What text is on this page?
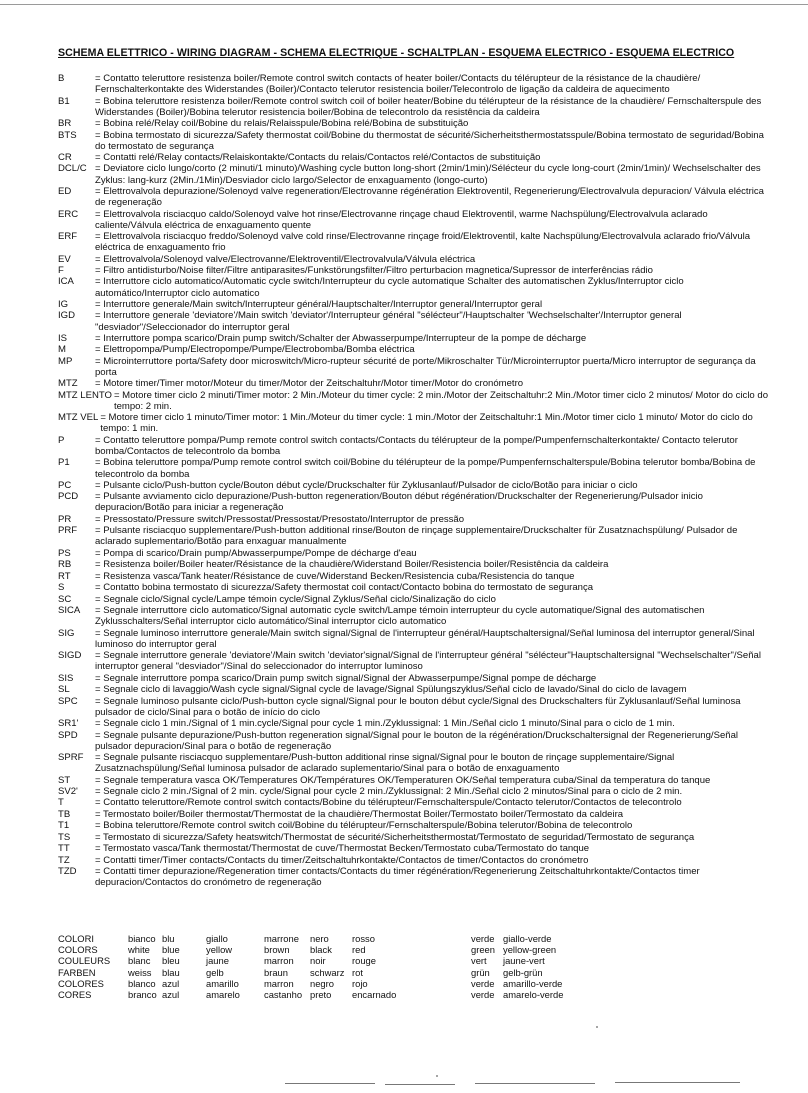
SCHEMA ELETTRICO - WIRING DIAGRAM - SCHEMA ELECTRIQUE - SCHALTPLAN - ESQUEMA ELECTRICO - ESQUEMA ELECTRICO
B	= Contatto teleruttore resistenza boiler/Remote control switch contacts of heater boiler/Contacts du télérupteur de la résistance de la chaudière/ Fernschalterkontakte des Widerstandes (Boiler)/Contacto telerutor resistencia boiler/Telecontrolo de ligação da caldeira de aquecimento
B1	= Bobina teleruttore resistenza boiler/Remote control switch coil of boiler heater/Bobine du télérupteur de la résistance de la chaudière/ Fernschalterspule des Widerstandes (Boiler)/Bobina telerutor resistencia boiler/Bobina de telecontrolo da resistência da caldeira
BR	= Bobina relé/Relay coil/Bobine du relais/Relaisspule/Bobina relé/Bobina de substituição
BTS	= Bobina termostato di sicurezza/Safety thermostat coil/Bobine du thermostat de sécurité/Sicherheitsthermostatsspule/Bobina termostato de seguridad/Bobina do termostato de segurança
CR	= Contatti relé/Relay contacts/Relaiskontakte/Contacts du relais/Contactos relé/Contactos de substituição
DCL/C = Deviatore ciclo lungo/corto (2 minuti/1 minuto)/Washing cycle button long-short (2min/1min)/Sélécteur du cycle long-court (2min/1min)/ Wechselschalter des Zyklus: lang-kurz (2Min./1Min)/Desviador ciclo largo/Selector de enxaguamento (longo-curto)
ED	= Elettrovalvola depurazione/Solenoyd valve regeneration/Electrovanne régénération Elektroventil, Regenerierung/Electrovalvula depuracion/ Válvula eléctrica de regeneração
ERC	= Elettrovalvola risciacquo caldo/Solenoyd valve hot rinse/Electrovanne rinçage chaud Elektroventil, warme Nachspülung/Electrovalvula aclarado caliente/Válvula eléctrica de enxaguamento quente
ERF	= Elettrovalvola risciacquo freddo/Solenoyd valve cold rinse/Electrovanne rinçage froid/Elektroventil, kalte Nachspülung/Electrovalvula aclarado frio/Válvula eléctrica de enxaguamento frio
EV	= Elettrovalvola/Solenoyd valve/Electrovanne/Elektroventil/Electrovalvula/Válvula eléctrica
F	= Filtro antidisturbo/Noise filter/Filtre antiparasites/Funkstörungsfilter/Filtro perturbacion magnetica/Supressor de interferências rádio
ICA	= Interruttore ciclo automatico/Automatic cycle switch/Interrupteur du cycle automatique Schalter des automatischen Zyklus/Interruptor ciclo automático/Interruptor ciclo automatico
IG	= Interruttore generale/Main switch/Interrupteur général/Hauptschalter/Interruptor general/Interruptor geral
IGD	= Interruttore generale 'deviatore'/Main switch 'deviator'/Interrupteur général "sélécteur"/Hauptschalter 'Wechselschalter'/Interruptor general "desviador"/Seleccionador do interruptor geral
IS	= Interruttore pompa scarico/Drain pump switch/Schalter der Abwasserpumpe/Interrupteur de la pompe de décharge
M	= Elettropompa/Pump/Electropompe/Pumpe/Electrobomba/Bomba eléctrica
MP	= Microinterruttore porta/Safety door microswitch/Micro-rupteur sécurité de porte/Mikroschalter Tür/Microinterruptor puerta/Micro interruptor de segurança da porta
MTZ	= Motore timer/Timer motor/Moteur du timer/Motor der Zeitschaltuhr/Motor timer/Motor do cronómetro
MTZ LENTO = Motore timer ciclo 2 minuti/Timer motor: 2 Min./Moteur du timer cycle: 2 min./Motor der Zeitschaltuhr:2 Min./Motor timer ciclo 2 minutos/ Motor do ciclo do tempo: 2 min.
MTZ VEL = Motore timer ciclo 1 minuto/Timer motor: 1 Min./Moteur du timer cycle: 1 min./Motor der Zeitschaltuhr:1 Min./Motor timer ciclo 1 minuto/ Motor do ciclo do tempo: 1 min.
P	= Contatto teleruttore pompa/Pump remote control switch contacts/Contacts du télérupteur de la pompe/Pumpenfernschalterkontakte/ Contacto telerutor bomba/Contactos de telecontrolo da bomba
P1	= Bobina teleruttore pompa/Pump remote control switch coil/Bobine du télérupteur de la pompe/Pumpenfernschalterspule/Bobina telerutor bomba/Bobina de telecontrolo da bomba
PC	= Pulsante ciclo/Push-button cycle/Bouton début cycle/Druckschalter für Zyklusanlauf/Pulsador de ciclo/Botão para iniciar o ciclo
PCD	= Pulsante avviamento ciclo depurazione/Push-button regeneration/Bouton début régénération/Druckschalter der Regenerierung/Pulsador inicio depuracion/Botão para iniciar a regeneração
PR	= Pressostato/Pressure switch/Pressostat/Pressostat/Presostato/Interruptor de pressão
PRF	= Pulsante risciacquo supplementare/Push-button additional rinse/Bouton de rinçage supplementaire/Druckschalter für Zusatznachspülung/ Pulsador de aclarado suplementario/Botão para enxaguar manualmente
PS	= Pompa di scarico/Drain pump/Abwasserpumpe/Pompe de décharge d'eau
RB	= Resistenza boiler/Boiler heater/Résistance de la chaudière/Widerstand Boiler/Resistencia boiler/Resistência da caldeira
RT	= Resistenza vasca/Tank heater/Résistance de cuve/Widerstand Becken/Resistencia cuba/Resistencia do tanque
S	= Contatto bobina termostato di sicurezza/Safety thermostat coil contact/Contacto bobina do termostato de segurança
SC	= Segnale ciclo/Signal cycle/Lampe témoin cycle/Signal Zyklus/Señal ciclo/Sinalização do ciclo
SICA	= Segnale interruttore ciclo automatico/Signal automatic cycle switch/Lampe témoin interrupteur du cycle automatique/Signal des automatischen Zyklusschalters/Señal interruptor ciclo automático/Sinal interruptor ciclo automatico
SIG	= Segnale luminoso interruttore generale/Main switch signal/Signal de l'interrupteur général/Hauptschaltersignal/Señal luminosa del interruptor general/Sinal luminoso do interruptor geral
SIGD	= Segnale interruttore generale 'deviatore'/Main switch 'deviator'signal/Signal de l'interrupteur général "sélécteur"Hauptschaltersignal "Wechselschalter"/Señal interruptor general "desviador"/Sinal do seleccionador do interruptor luminoso
SIS	= Segnale interruttore pompa scarico/Drain pump switch signal/Signal der Abwasserpumpe/Signal pompe de décharge
SL	= Segnale ciclo di lavaggio/Wash cycle signal/Signal cycle de lavage/Signal Spülungszyklus/Señal ciclo de lavado/Sinal do ciclo de lavagem
SPC	= Segnale luminoso pulsante ciclo/Push-button cycle signal/Signal pour le bouton début cycle/Signal des Druckschalters für Zyklusanlauf/Señal luminosa pulsador de ciclo/Sinal para o botão de início do ciclo
SR1'	= Segnale ciclo 1 min./Signal of 1 min.cycle/Signal pour cycle 1 min./Zyklussignal: 1 Min./Señal ciclo 1 minuto/Sinal para o ciclo de 1 min.
SPD	= Segnale pulsante depurazione/Push-button regeneration signal/Signal pour le bouton de la régénération/Druckschaltersignal der Regenerierung/Señal pulsador depuracion/Sinal para o botão de regeneração
SPRF	= Segnale pulsante risciacquo supplementare/Push-button additional rinse signal/Signal pour le bouton de rinçage supplementaire/Signal Zusatznachspülung/Señal luminosa pulsador de aclarado suplementario/Sinal para o botão de enxaguamento
ST	= Segnale temperatura vasca OK/Temperatures OK/Températures OK/Temperaturen OK/Señal temperatura cuba/Sinal da temperatura do tanque
SV2'	= Segnale ciclo 2 min./Signal of 2 min. cycle/Signal pour cycle 2 min./Zyklussignal: 2 Min./Señal ciclo 2 minutos/Sinal para o ciclo de 2 min.
T	= Contatto teleruttore/Remote control switch contacts/Bobine du télérupteur/Fernschalterspule/Contacto telerutor/Contactos de telecontrolo
TB	= Termostato boiler/Boiler thermostat/Thermostat de la chaudière/Thermostat Boiler/Termostato boiler/Termostato da caldeira
T1	= Bobina teleruttore/Remote control switch coil/Bobine du télérupteur/Fernschalterspule/Bobina telerutor/Bobina de telecontrolo
TS	= Termostato di sicurezza/Safety heatswitch/Thermostat de sécurité/Sicherheitsthermostat/Termostato de seguridad/Termostato de segurança
TT	= Termostato vasca/Tank thermostat/Thermostat de cuve/Thermostat Becken/Termostato cuba/Termostato do tanque
TZ	= Contatti timer/Timer contacts/Contacts du timer/Zeitschaltuhrkontakte/Contactos de timer/Contactos do cronómetro
TZD	= Contatti timer depurazione/Regeneration timer contacts/Contacts du timer régénération/Regenerierung Zeitschaltuhrkontakte/Contactos timer depuracion/Contactos do cronómetro de regeneração
COLORI	bianco	blu	giallo	marrone	nero	rosso	verde	giallo-verde
COLORS	white	blue	yellow	brown	black	red	green	yellow-green
COULEURS	blanc	bleu	jaune	marron	noir	rouge	vert	jaune-vert
FARBEN	weiss	blau	gelb	braun	schwarz	rot	grün	gelb-grün
COLORES	blanco	azul	amarillo	marron	negro	rojo	verde	amarillo-verde
CORES	branco	azul	amarelo	castanho	preto	encarnado	verde	amarelo-verde
